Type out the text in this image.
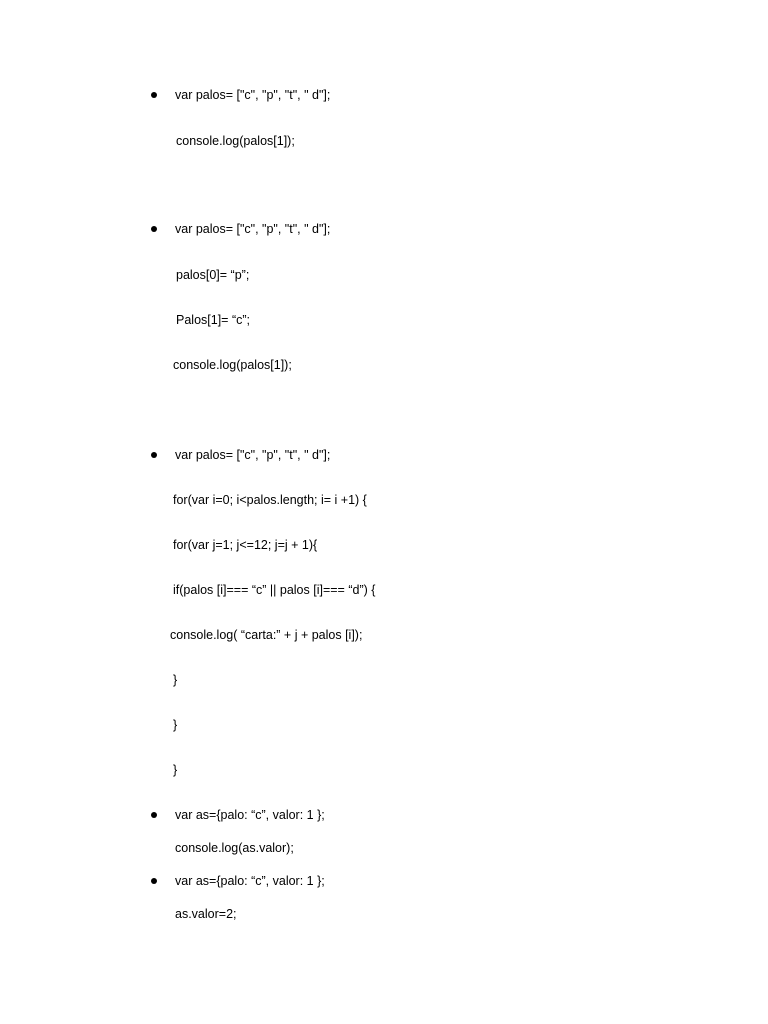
var palos= ["c", "p", "t", " d"];
console.log(palos[1]);
var palos= ["c", "p", "t", " d"];
palos[0]= “p”;
Palos[1]= “c”;
console.log(palos[1]);
var palos= ["c", "p", "t", " d"];
for(var i=0; i<palos.length; i= i +1) {
for(var j=1; j<=12; j=j + 1){
if(palos [i]=== “c” || palos [i]=== “d”) {
console.log( “carta:” + j + palos [i]);
}
}
}
var as={palo: “c”, valor: 1 };
console.log(as.valor);
var as={palo: “c”, valor: 1 };
as.valor=2;
